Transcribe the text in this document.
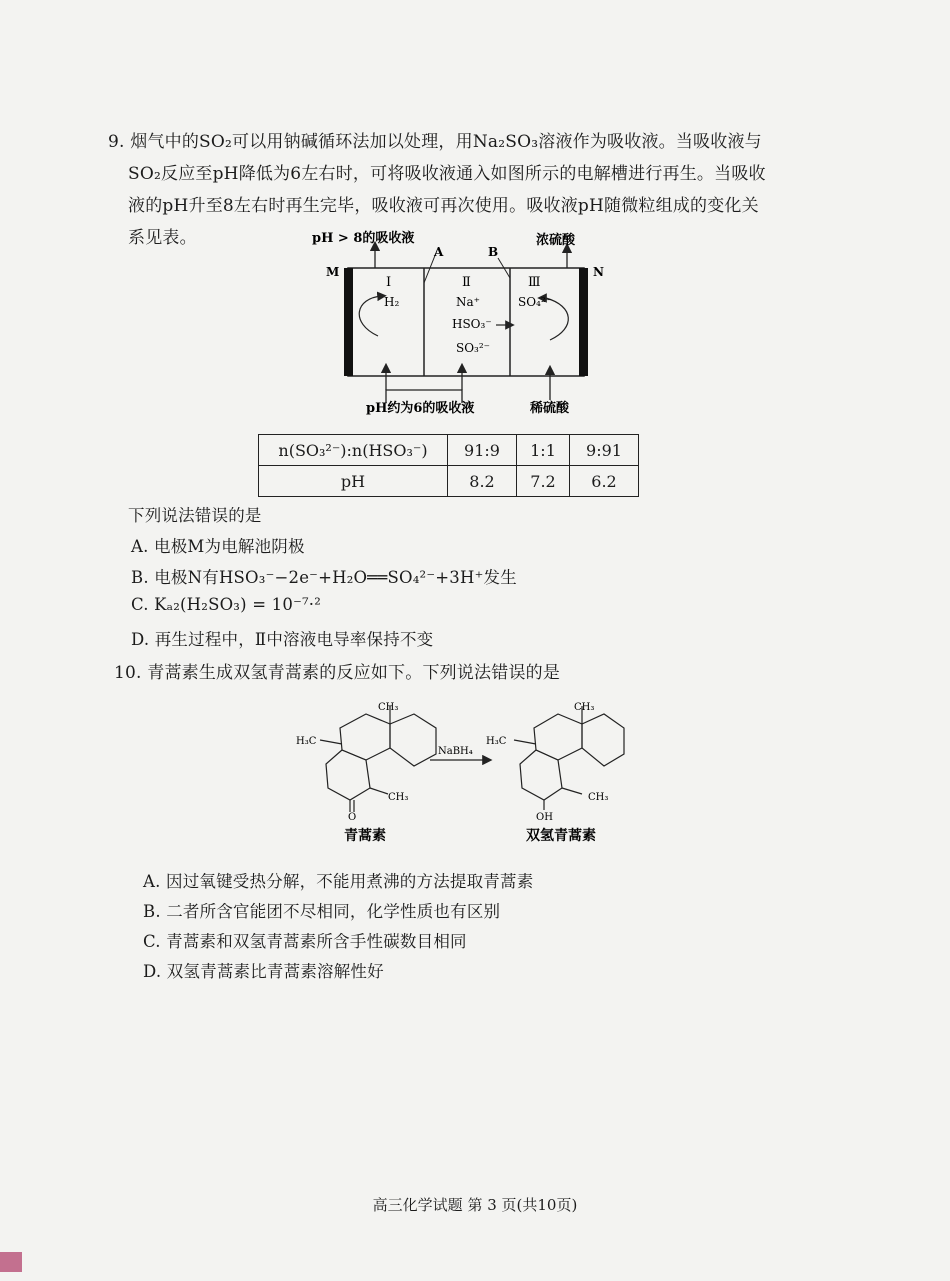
9. 烟气中的SO₂可以用钠碱循环法加以处理，用Na₂SO₃溶液作为吸收液。当吸收液与
SO₂反应至pH降低为6左右时，可将吸收液通入如图所示的电解槽进行再生。当吸收
液的pH升至8左右时再生完毕，吸收液可再次使用。吸收液pH随微粒组成的变化关
系见表。	pH > 8的吸收液	浓硫酸
A	B
M	N
Ⅰ	Ⅱ	Ⅲ
H₂	Na⁺
HSO₃⁻
SO₃²⁻
SO₄²⁻
pH约为6的吸收液	稀硫酸
n(SO₃²⁻):n(HSO₃⁻)	91:9	1:1	9:91
pH	8.2	7.2	6.2
下列说法错误的是
A. 电极M为电解池阴极
B. 电极N有HSO₃⁻−2e⁻+H₂O══SO₄²⁻+3H⁺发生
C. Kₐ₂(H₂SO₃) = 10⁻⁷·²
D. 再生过程中，Ⅱ中溶液电导率保持不变
10. 青蒿素生成双氢青蒿素的反应如下。下列说法错误的是
CH₃
CH₃
H₃C
O
青蒿素
NaBH₄
CH₃
CH₃
H₃C
OH
双氢青蒿素
A. 因过氧键受热分解，不能用煮沸的方法提取青蒿素
B. 二者所含官能团不尽相同，化学性质也有区别
C. 青蒿素和双氢青蒿素所含手性碳数目相同
D. 双氢青蒿素比青蒿素溶解性好
高三化学试题 第 3 页(共10页)
